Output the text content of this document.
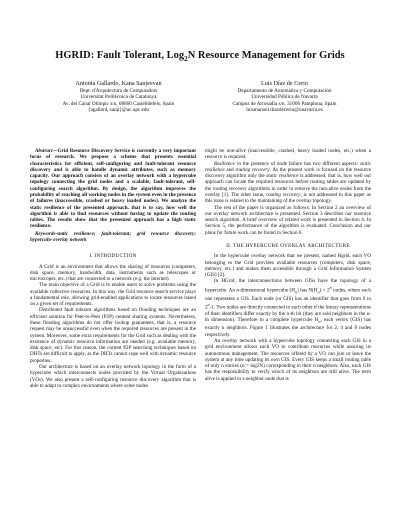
HGRID: Fault Tolerant, Log$_2$N Resource Management for Grids
Antonia Gallardo, Kana Sanjeevan
Dept. d'Arquitectura de Computadors
Universitat Politècnica de Catalunya
Av. del Canal Olímpic s/n, 08860 Castelldefels, Spain
{agallard, sanji}@ac.upc.edu
Luis Díaz de Cerio
Departamento de Automática y Computación
Universidad Pública de Navarra
Campus de Arrosadía s/n, 31006 Pamplona, Spain
luismanuel.diazdecerio@unavarra.es

Abstract—Grid Resource Discovery Service is currently a very important focus of research. We propose a scheme that presents essential characteristics for efficient, self-configuring and fault-tolerant resource discovery and is able to handle dynamic attributes, such as memory capacity. Our approach consists of an overlay network with a hypercube topology connecting the grid nodes and a scalable, fault-tolerant, self-configuring search algorithm. By design, the algorithm improves the probability of reaching all working nodes in the system even in the presence of failures (inaccessible, crashed or heavy loaded nodes). We analyze the static resilience of the presented approach, that is to say, how well the algorithm is able to find resources without having to update the routing tables. The results show that the presented approach has a high static resilience.

Keywords-static resilience; fault-tolerant; grid resource discovery; hypercube overlay network

I. INTRODUCTION

A Grid is an environment that allows the sharing of resources (computers, disk space, memory, bandwidth, data, instruments such as telescopes or microscopes, etc.) that are connected to a network (e.g. the Internet).

The main objective of a Grid is to enable users to solve problems using the available collective resources. In this way, the Grid resource search service plays a fundamental role, allowing grid-enabled applications to locate resources based on a given set of requirements.

Distributed fault tolerant algorithms based on flooding techniques are an efficient solution for Peer-to-Peer (P2P) content sharing systems. Nevertheless, these flooding algorithms do not offer lookup guarantees, that is, a resource request may be unsuccessful even when the required resources are present in the system. Moreover, some extra requirements for the Grid such as dealing with the existence of dynamic resource information are needed (e.g. available memory, disk space, etc). For this reason, the current P2P searching techniques based on DHTs are difficult to apply, as the DHTs cannot cope well with dynamic resource properties.

Our architecture is based on an overlay network topology in the form of a hypercube which interconnects nodes provided by the Virtual Organizations (VOs). We also present a self-configuring resource discovery algorithm that is able to adapt to complex environments where some nodes

might be non-alive (inaccessible, crashed, heavy loaded nodes, etc.) when a resource is required.

Resilience in the presence of node failure has two different aspects: static resilience and routing recovery. As the present work is focused on the resource discovery algorithm only the static resilience is addressed, that is, how well our approach can locate the required resources before routing tables are updated by the routing recovery algorithms in order to remove the non-alive nodes from the overlay [1]. The other issue, routing recovery, is not addressed in this paper as this issue is related to the maintaining of the overlay topology.

The rest of the paper is organized as follows: In Section 2 an overview of our overlay network architecture is presented. Section 3 describes our resource search algorithm. A brief overview of related work is presented in Section 4. In Section 5, the performance of the algorithm is evaluated. Conclusion and our plans for future work can be found in Section 6.

II. THE HYPERCUBE OVERLAY ARCHITECTURE

In the hypercube overlay network that we present, named Hgrid, each VO belonging to the Grid provides available resources (computers, disk space, memory, etc.) and makes them accessible through a Grid Information System (GIS) [2].

In HGrid, the interconnections between GISs have the topology of a hypercube. An n-dimensional hypercube $(H_n)$ has $N(H_n) = 2^n$ nodes, where each one represents a GIS. Each node (or GIS) has an identifier that goes from 0 to 2$^n$-1. Two nodes are directly connected to each other if the binary representations of their identifiers differ exactly by the n-th bit (they are said neighbors in the n-th dimension). Therefore in a complete hypercube $H_n$, each vertex (GIS) has exactly n neighbors. Figure 1 illustrates the architecture for 2, 4 and 8 nodes respectively.

An overlay network with a hypercube topology connecting each GIS in a grid environment allows each VO to contribute resources while assuring its autonomous management. The resources offered by a VO can join or leave the system at any time updating its own GIS. Every GIS keeps a small routing table of only n entries (n = log2N) corresponding to their n neighbors. Also, each GIS has the responsibility to verify which of its neighbors are still alive. The term alive is applied to a neighbor node that is
